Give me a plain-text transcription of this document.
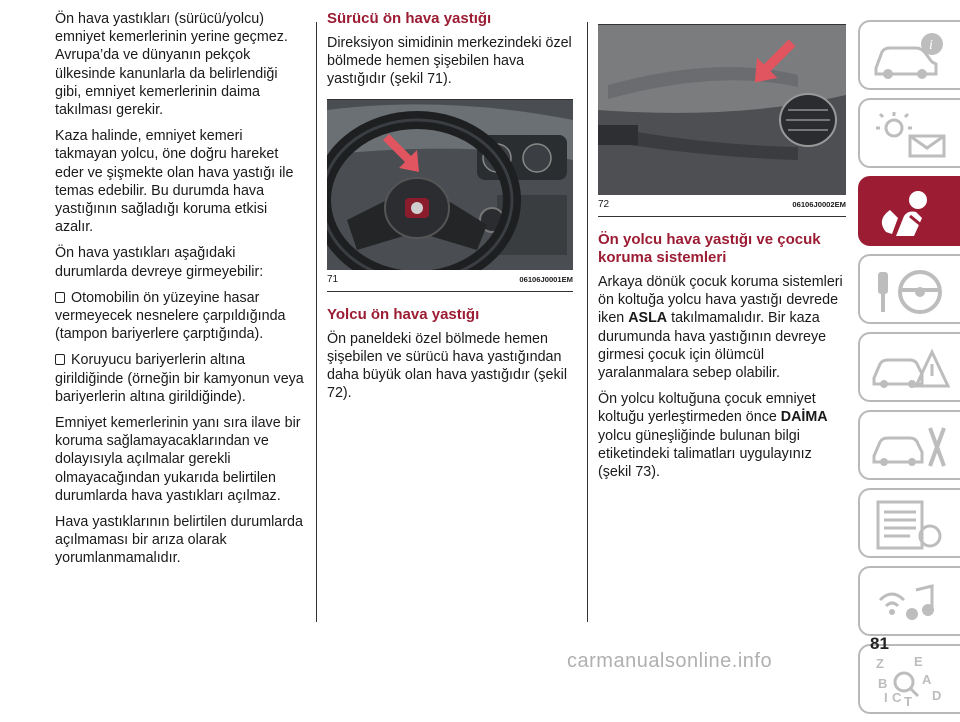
Ön hava yastıkları (sürücü/yolcu) emniyet kemerlerinin yerine geçmez. Avrupa’da ve dünyanın pekçok ülkesinde kanunlarla da belirlendiği gibi, emniyet kemerlerinin daima takılması gerekir.

Kaza halinde, emniyet kemeri takmayan yolcu, öne doğru hareket eder ve şişmekte olan hava yastığı ile temas edebilir. Bu durumda hava yastığının sağladığı koruma etkisi azalır.

Ön hava yastıkları aşağıdaki durumlarda devreye girmeyebilir:

Otomobilin ön yüzeyine hasar vermeyecek nesnelere çarpıldığında (tampon bariyerlere çarptığında).

Koruyucu bariyerlerin altına girildiğinde (örneğin bir kamyonun veya bariyerlerin altına girildiğinde).

Emniyet kemerlerinin yanı sıra ilave bir koruma sağlamayacaklarından ve dolayısıyla açılmalar gerekli olmayacağından yukarıda belirtilen durumlarda hava yastıkları açılmaz.

Hava yastıklarının belirtilen durumlarda açılmaması bir arıza olarak yorumlanmamalıdır.

Sürücü ön hava yastığı

Direksiyon simidinin merkezindeki özel bölmede hemen şişebilen hava yastığıdır (şekil 71).

71	06106J0001EM
Yolcu ön hava yastığı

Ön paneldeki özel bölmede hemen şişebilen ve sürücü hava yastığından daha büyük olan hava yastığıdır (şekil 72).

72	06106J0002EM
Ön yolcu hava yastığı ve çocuk koruma sistemleri

Arkaya dönük çocuk koruma sistemleri ön koltuğa yolcu hava yastığı devrede iken ASLA takılmamalıdır. Bir kaza durumunda hava yastığının devreye girmesi çocuk için ölümcül yaralanmalara sebep olabilir.

Ön yolcu koltuğuna çocuk emniyet koltuğu yerleştirmeden önce DAİMA yolcu güneşliğinde bulunan bilgi etiketindeki talimatları uygulayınız (şekil 73).

i
Z E
A
B
C T D
I
81
carmanualsonline.info
